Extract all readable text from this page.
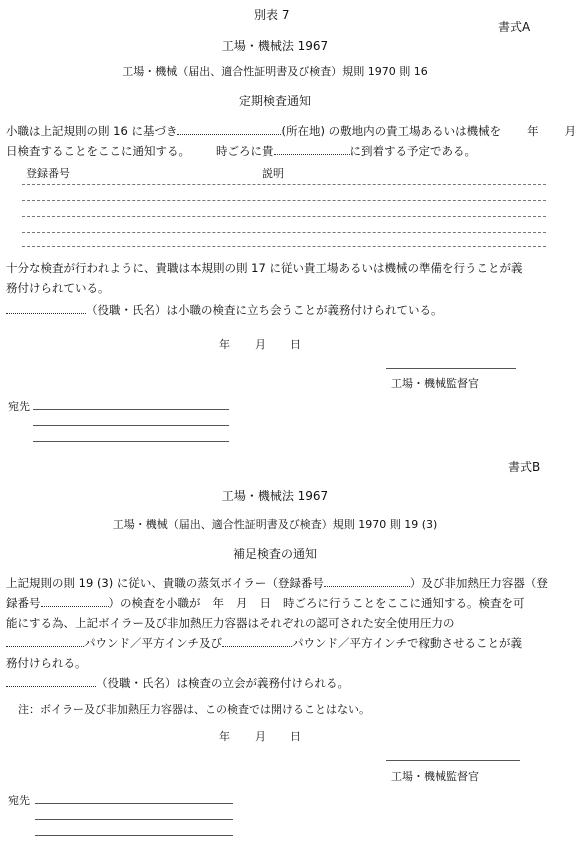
別表 7
書式A
工場・機械法 1967
工場・機械（届出、適合性証明書及び検査）規則 1970 則 16
定期検査通知
小職は上記規則の則 16 に基づき	(所在地) の敷地内の貴工場あるいは機械を 年 月
日検査することをここに通知する。 時ごろに貴	に到着する予定である。
登録番号	説明
十分な検査が行われように、貴職は本規則の則 17 に従い貴工場あるいは機械の準備を行うことが義
務付けられている。
（役職・氏名）は小職の検査に立ち会うことが義務付けられている。
年 月 日
工場・機械監督官
宛先
書式B
工場・機械法 1967
工場・機械（届出、適合性証明書及び検査）規則 1970 則 19 (3)
補足検査の通知
上記規則の則 19 (3) に従い、貴職の蒸気ボイラー（登録番号	）及び非加熱圧力容器（登
録番号	）の検査を小職が 年 月 日 時ごろに行うことをここに通知する。検査を可
能にする為、上記ボイラー及び非加熱圧力容器はそれぞれの認可された安全使用圧力の
パウンド／平方インチ及び	パウンド／平方インチで稼動させることが義
務付けられる。
（役職・氏名）は検査の立会が義務付けられる。
注：ボイラー及び非加熱圧力容器は、この検査では開けることはない。
年 月 日
工場・機械監督官
宛先
